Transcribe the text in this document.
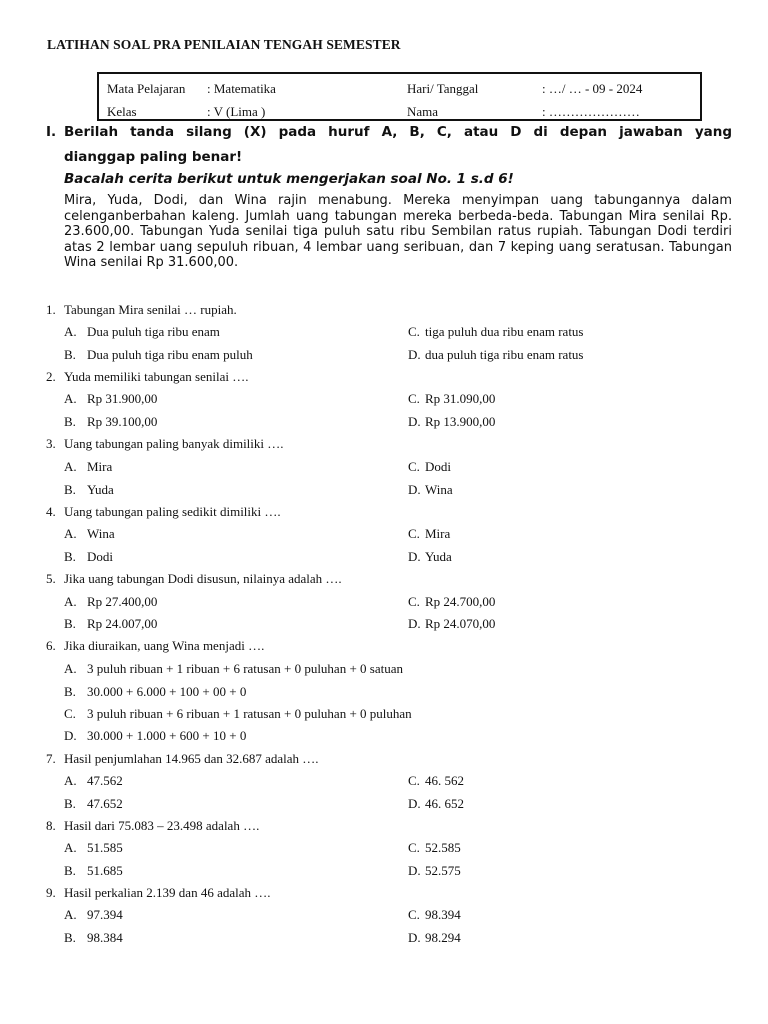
LATIHAN SOAL PRA PENILAIAN TENGAH SEMESTER
Mata Pelajaran : Matematika	Hari/ Tanggal	: …/ … - 09 - 2024
Kelas	: V (Lima )	Nama	: …………………
I. Berilah tanda silang (X) pada huruf A, B, C, atau D di depan jawaban yang
dianggap paling benar!
Bacalah cerita berikut untuk mengerjakan soal No. 1 s.d 6!
Mira, Yuda, Dodi, dan Wina rajin menabung. Mereka menyimpan uang tabungannya dalam celenganberbahan kaleng. Jumlah uang tabungan mereka berbeda-beda. Tabungan Mira senilai Rp. 23.600,00. Tabungan Yuda senilai tiga puluh satu ribu Sembilan ratus rupiah. Tabungan Dodi terdiri atas 2 lembar uang sepuluh ribuan, 4 lembar uang seribuan, dan 7 keping uang seratusan. Tabungan Wina senilai Rp 31.600,00.
1. Tabungan Mira senilai … rupiah.
A. Dua puluh tiga ribu enam	C. tiga puluh dua ribu enam ratus
B. Dua puluh tiga ribu enam puluh	D. dua puluh tiga ribu enam ratus
2. Yuda memiliki tabungan senilai ….
A. Rp 31.900,00	C. Rp 31.090,00
B. Rp 39.100,00	D. Rp 13.900,00
3. Uang tabungan paling banyak dimiliki ….
A. Mira	C. Dodi
B. Yuda	D. Wina
4. Uang tabungan paling sedikit dimiliki ….
A. Wina	C. Mira
B. Dodi	D. Yuda
5. Jika uang tabungan Dodi disusun, nilainya adalah ….
A. Rp 27.400,00	C. Rp 24.700,00
B. Rp 24.007,00	D. Rp 24.070,00
6. Jika diuraikan, uang Wina menjadi ….
A. 3 puluh ribuan + 1 ribuan + 6 ratusan + 0 puluhan + 0 satuan
B. 30.000 + 6.000 + 100 + 00 + 0
C. 3 puluh ribuan + 6 ribuan + 1 ratusan + 0 puluhan + 0 puluhan
D. 30.000 + 1.000 + 600 + 10 + 0
7. Hasil penjumlahan 14.965 dan 32.687 adalah ….
A. 47.562	C. 46. 562
B. 47.652	D. 46. 652
8. Hasil dari 75.083 – 23.498 adalah ….
A. 51.585	C. 52.585
B. 51.685	D. 52.575
9. Hasil perkalian 2.139 dan 46 adalah ….
A. 97.394	C. 98.394
B. 98.384	D. 98.294
